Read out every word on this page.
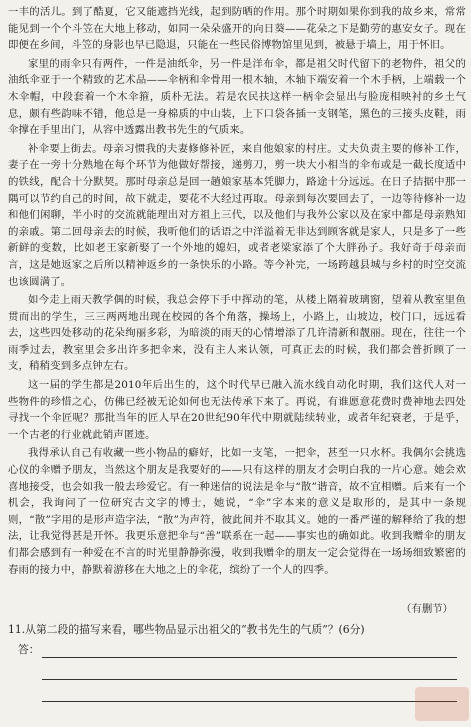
一丰的活儿。到了酷夏，它又能遮挡光线，起到防晒的作用。那个时期如果你到我的故乡来，常常能见到一个个斗笠在大地上移动，如同一朵朵盛开的向日葵——花朵之下是勤劳的惠安女子。现在即便在乡间，斗笠的身影也早已隐退，只能在一些民俗博物馆里见到，被悬于墙上，用于怀旧。

家里的雨伞只有两件，一件是油纸伞，另一件是洋布伞，都是祖父时代留下的老物件，祖父的油纸伞亚于一个精致的艺术品——伞柄和伞骨用一根木轴，木轴下端安着一个木手柄，上端载一个木伞帽，中段套着一个木伞箍，质朴无法。若是农民扶这样一柄伞会显出与脸庞相映衬的乡土气息，颇有些韵味不错，他总是一身棉质的中山装，上下口袋各插一支钢笔，黑色的三接头皮鞋，雨伞撑在手里出门，从容中透露出教书先生的气质来。

补伞要上街去。母亲习惯我的夫妻修修补匠，来自他娘家的村庄。丈夫负责主要的修补工作，妻子在一旁十分熟地在每个环节为他做好帮接，递剪刀，剪一块大小相当的伞布或是一截长度适中的铁线，配合十分默契。那时母亲总是回一趟娘家基本凭脚力，路途十分远远。在日子拮据中那一隅可以节约自己的时间，故下就走，要花不大经过再取。母亲到每次要回去了，一边等待修补一边和他们闲聊，半小时的交流就能理出对方祖上三代，以及他们与我外公家以及在家中都是母亲熟知的亲戚。第二回母亲去的时候，我听他们的话语之中洋溢着无非达到顾客就是家人，只是多了一些新鲜的变数，比如老王家新娶了一个外地的媳妇，或者老梁家添了个大胖孙子。我好奇于母亲而言，这是她返家之后所以精神返乡的一条快乐的小路。等今补完，一场跨越县城与乡村的时空交流也该圆满了。

如今走上雨天教学偶的时候，我总会停下手中挥动的笔，从楼上隔着玻璃窗，望着从教室里鱼贯而出的学生，三三两两地出现在校园的各个角落，操场上，小路上，山坡边，校门口，远远看去，这些四处移动的花朵绚丽多彩，为暗淡的雨天的心情增添了几许清新和靓丽。现在，往往一个雨季过去，教室里会多出许多把伞来，没有主人来认领，可真正去的时候，我们都会普折顾了一支，稍稍变到多点钟左右。

这一届的学生都是2010年后出生的，这个时代早已融入流水线自动化时期，我们这代人对一些物件的珍惜之心，仿佛已经被无论如何也无法传承下来了。再说，有谁愿意花费时费神地去四处寻找一个伞匠呢？那批当年的匠人早在20世纪90年代中期就陆续转业，或者年纪衰老，于是乎，一个古老的行业就此销声匿迹。

我得承认自己有收藏一些小物品的癖好，比如一支笔，一把伞，甚至一只水杯。我偶尔会挑选心仪的伞赠予朋友，当然这个朋友是我要好的——只有这样的朋友才会明白我的一片心意。她会欢喜地接受，也会如我一般去珍爱它。有一种迷信的说法是伞与“散”谐音，故不宜相赠。后来有一个机会，我询问了一位研究古文字的博士，她说，“伞”字本来的意义是取形的，是其中一条规则，“散”字用的是形声造字法，“散”为声符，彼此间并不取其义。她的一番严谨的解释给了我的想法，让我觉得甚是开怀。我更乐意把伞与“善”联系在一起——事实也的确如此。收到我赠伞的朋友们都会感到有一种爱在不言的时光里静静弥漫，收到我赠伞的朋友一定会觉得在一场场细致繁密的春雨的接力中，静默着游移在大地之上的伞花，缤纷了一个人的四季。

（有删节）
11.从第二段的描写来看，哪些物品显示出祖父的“教书先生的气质”？(6分)
答：
